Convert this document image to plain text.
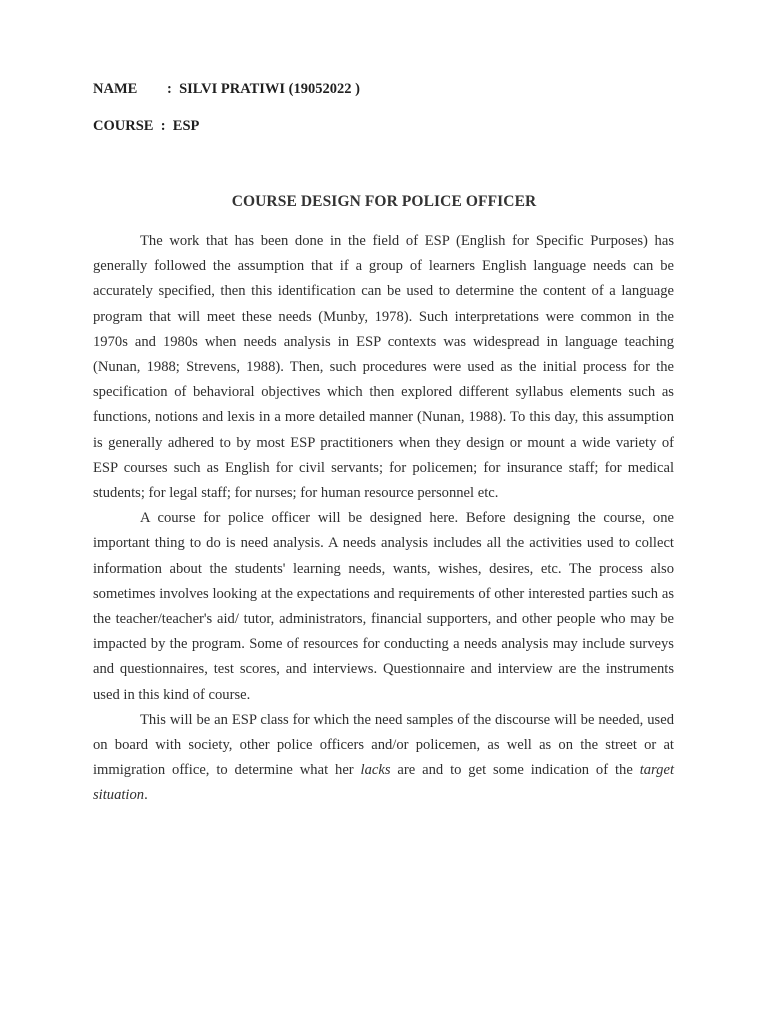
NAME : SILVI PRATIWI (19052022 )
COURSE : ESP
COURSE DESIGN FOR POLICE OFFICER

The work that has been done in the field of ESP (English for Specific Purposes) has generally followed the assumption that if a group of learners English language needs can be accurately specified, then this identification can be used to determine the content of a language program that will meet these needs (Munby, 1978). Such interpretations were common in the 1970s and 1980s when needs analysis in ESP contexts was widespread in language teaching (Nunan, 1988; Strevens, 1988). Then, such procedures were used as the initial process for the specification of behavioral objectives which then explored different syllabus elements such as functions, notions and lexis in a more detailed manner (Nunan, 1988). To this day, this assumption is generally adhered to by most ESP practitioners when they design or mount a wide variety of ESP courses such as English for civil servants; for policemen; for insurance staff; for medical students; for legal staff; for nurses; for human resource personnel etc.

A course for police officer will be designed here. Before designing the course, one important thing to do is need analysis. A needs analysis includes all the activities used to collect information about the students' learning needs, wants, wishes, desires, etc. The process also sometimes involves looking at the expectations and requirements of other interested parties such as the teacher/teacher's aid/ tutor, administrators, financial supporters, and other people who may be impacted by the program. Some of resources for conducting a needs analysis may include surveys and questionnaires, test scores, and interviews. Questionnaire and interview are the instruments used in this kind of course.

This will be an ESP class for which the need samples of the discourse will be needed, used on board with society, other police officers and/or policemen, as well as on the street or at immigration office, to determine what her lacks are and to get some indication of the target situation.
